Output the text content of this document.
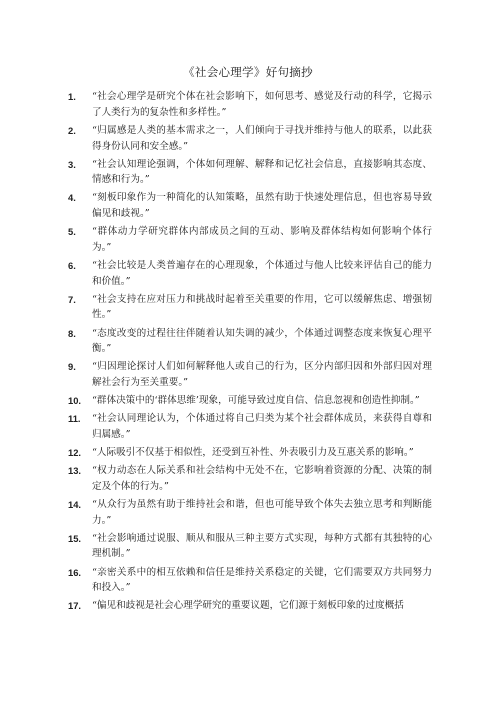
《社会心理学》好句摘抄
1.	“社会心理学是研究个体在社会影响下，如何思考、感觉及行动的科学，它揭示了人类行为的复杂性和多样性。”
2.	“归属感是人类的基本需求之一，人们倾向于寻找并维持与他人的联系，以此获得身份认同和安全感。”
3.	“社会认知理论强调，个体如何理解、解释和记忆社会信息，直接影响其态度、情感和行为。”
4.	“刻板印象作为一种简化的认知策略，虽然有助于快速处理信息，但也容易导致偏见和歧视。”
5.	“群体动力学研究群体内部成员之间的互动、影响及群体结构如何影响个体行为。”
6.	“社会比较是人类普遍存在的心理现象，个体通过与他人比较来评估自己的能力和价值。”
7.	“社会支持在应对压力和挑战时起着至关重要的作用，它可以缓解焦虑、增强韧性。”
8.	“态度改变的过程往往伴随着认知失调的减少，个体通过调整态度来恢复心理平衡。”
9.	“归因理论探讨人们如何解释他人或自己的行为，区分内部归因和外部归因对理解社会行为至关重要。”
10.	“群体决策中的‘群体思维’现象，可能导致过度自信、信息忽视和创造性抑制。”
11.	“社会认同理论认为，个体通过将自己归类为某个社会群体成员，来获得自尊和归属感。”
12.	“人际吸引不仅基于相似性，还受到互补性、外表吸引力及互惠关系的影响。”
13.	“权力动态在人际关系和社会结构中无处不在，它影响着资源的分配、决策的制定及个体的行为。”
14.	“从众行为虽然有助于维持社会和谐，但也可能导致个体失去独立思考和判断能力。”
15.	“社会影响通过说服、顺从和服从三种主要方式实现，每种方式都有其独特的心理机制。”
16.	“亲密关系中的相互依赖和信任是维持关系稳定的关键，它们需要双方共同努力和投入。”
17.	“偏见和歧视是社会心理学研究的重要议题，它们源于刻板印象的过度概括
